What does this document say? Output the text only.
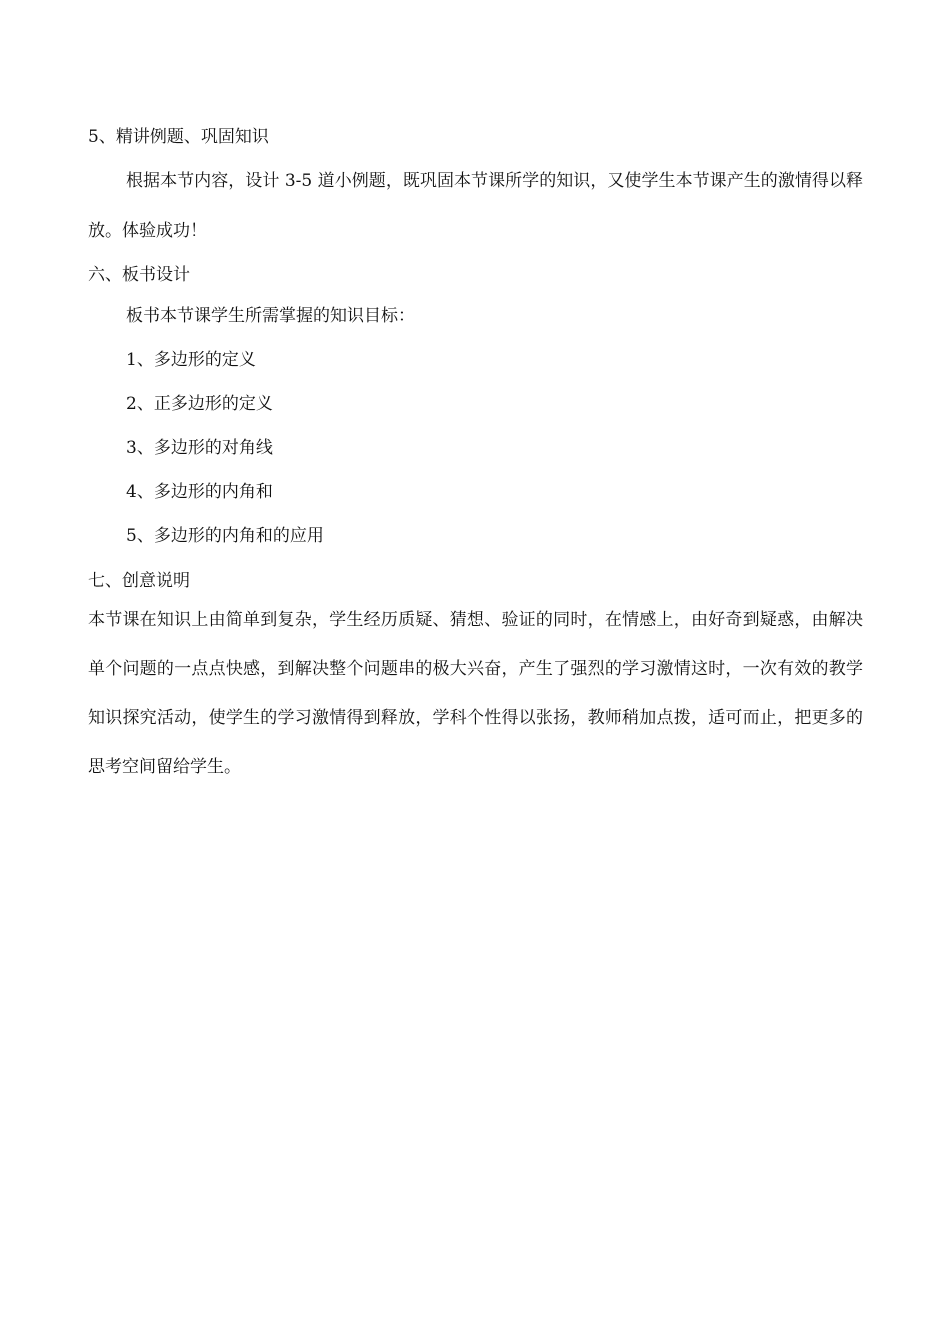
5、精讲例题、巩固知识

根据本节内容，设计 3-5 道小例题，既巩固本节课所学的知识，又使学生本节课产生的激情得以释放。体验成功！

六、板书设计

板书本节课学生所需掌握的知识目标：

1、多边形的定义

2、正多边形的定义

3、多边形的对角线

4、多边形的内角和

5、多边形的内角和的应用

七、创意说明

本节课在知识上由简单到复杂，学生经历质疑、猜想、验证的同时，在情感上，由好奇到疑惑，由解决单个问题的一点点快感，到解决整个问题串的极大兴奋，产生了强烈的学习激情这时，一次有效的教学知识探究活动，使学生的学习激情得到释放，学科个性得以张扬，教师稍加点拨，适可而止，把更多的思考空间留给学生。
